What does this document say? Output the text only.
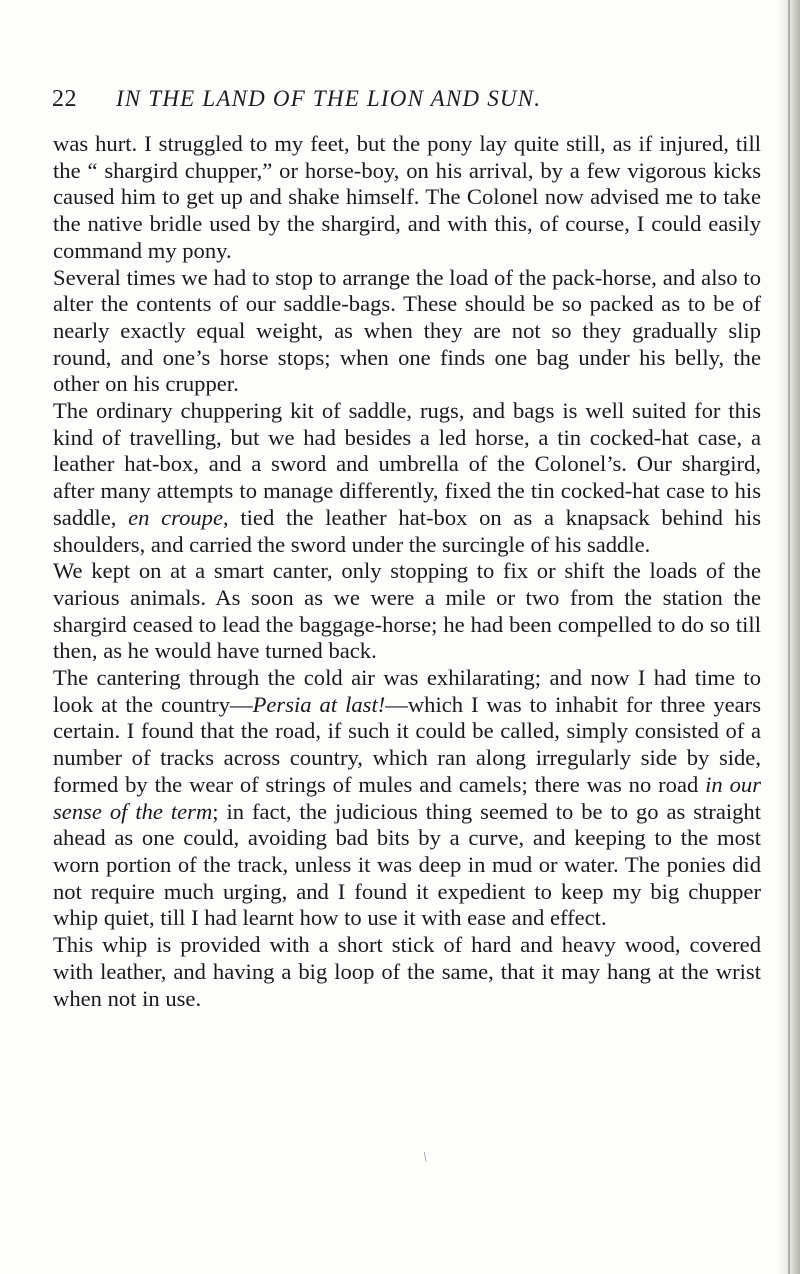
22 IN THE LAND OF THE LION AND SUN.

was hurt. I struggled to my feet, but the pony lay quite still, as if injured, till the “ shargird chupper,” or horse-boy, on his arrival, by a few vigorous kicks caused him to get up and shake himself. The Colonel now advised me to take the native bridle used by the shargird, and with this, of course, I could easily command my pony.

Several times we had to stop to arrange the load of the pack-horse, and also to alter the contents of our saddle-bags. These should be so packed as to be of nearly exactly equal weight, as when they are not so they gradually slip round, and one’s horse stops; when one finds one bag under his belly, the other on his crupper.

The ordinary chuppering kit of saddle, rugs, and bags is well suited for this kind of travelling, but we had besides a led horse, a tin cocked-hat case, a leather hat-box, and a sword and umbrella of the Colonel’s. Our shargird, after many attempts to manage differently, fixed the tin cocked-hat case to his saddle, en croupe, tied the leather hat-box on as a knapsack behind his shoulders, and carried the sword under the surcingle of his saddle.

We kept on at a smart canter, only stopping to fix or shift the loads of the various animals. As soon as we were a mile or two from the station the shargird ceased to lead the baggage-horse; he had been compelled to do so till then, as he would have turned back.

The cantering through the cold air was exhilarating; and now I had time to look at the country—Persia at last!—which I was to inhabit for three years certain. I found that the road, if such it could be called, simply consisted of a number of tracks across country, which ran along irregularly side by side, formed by the wear of strings of mules and camels; there was no road in our sense of the term; in fact, the judicious thing seemed to be to go as straight ahead as one could, avoiding bad bits by a curve, and keeping to the most worn portion of the track, unless it was deep in mud or water. The ponies did not require much urging, and I found it expedient to keep my big chupper whip quiet, till I had learnt how to use it with ease and effect.

This whip is provided with a short stick of hard and heavy wood, covered with leather, and having a big loop of the same, that it may hang at the wrist when not in use.

/
